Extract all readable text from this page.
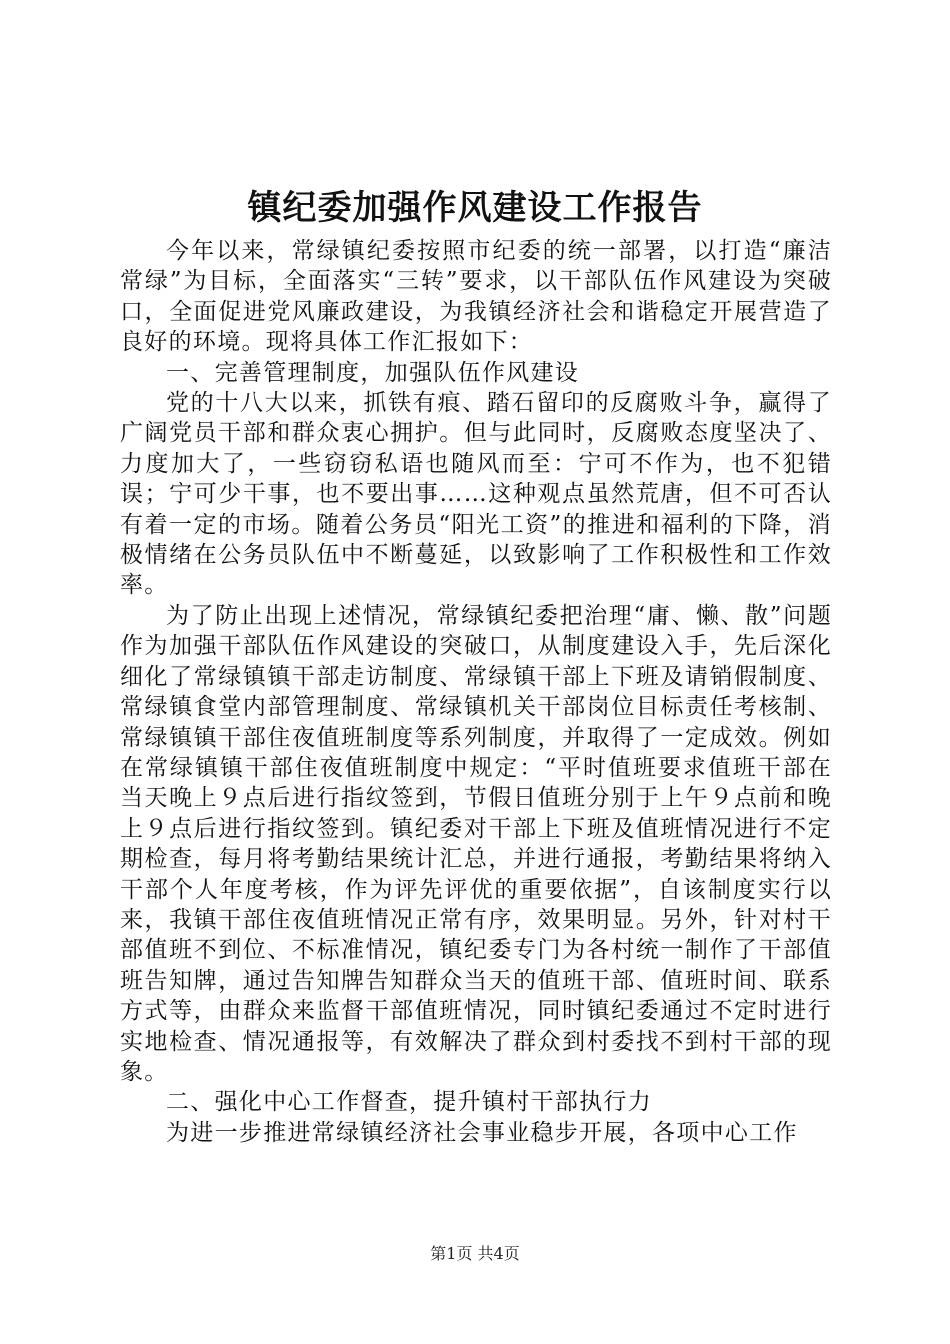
镇纪委加强作风建设工作报告

今年以来，常绿镇纪委按照市纪委的统一部署，以打造“廉洁常绿”为目标，全面落实“三转”要求，以干部队伍作风建设为突破口，全面促进党风廉政建设，为我镇经济社会和谐稳定开展营造了良好的环境。现将具体工作汇报如下：

一、完善管理制度，加强队伍作风建设

党的十八大以来，抓铁有痕、踏石留印的反腐败斗争，赢得了广阔党员干部和群众衷心拥护。但与此同时，反腐败态度坚决了、力度加大了，一些窃窃私语也随风而至：宁可不作为，也不犯错误；宁可少干事，也不要出事……这种观点虽然荒唐，但不可否认有着一定的市场。随着公务员“阳光工资”的推进和福利的下降，消极情绪在公务员队伍中不断蔓延，以致影响了工作积极性和工作效率。

为了防止出现上述情况，常绿镇纪委把治理“庸、懒、散”问题作为加强干部队伍作风建设的突破口，从制度建设入手，先后深化细化了常绿镇镇干部走访制度、常绿镇干部上下班及请销假制度、常绿镇食堂内部管理制度、常绿镇机关干部岗位目标责任考核制、常绿镇镇干部住夜值班制度等系列制度，并取得了一定成效。例如在常绿镇镇干部住夜值班制度中规定：“平时值班要求值班干部在当天晚上９点后进行指纹签到，节假日值班分别于上午９点前和晚上９点后进行指纹签到。镇纪委对干部上下班及值班情况进行不定期检查，每月将考勤结果统计汇总，并进行通报，考勤结果将纳入干部个人年度考核，作为评先评优的重要依据”，自该制度实行以来，我镇干部住夜值班情况正常有序，效果明显。另外，针对村干部值班不到位、不标准情况，镇纪委专门为各村统一制作了干部值班告知牌，通过告知牌告知群众当天的值班干部、值班时间、联系方式等，由群众来监督干部值班情况，同时镇纪委通过不定时进行实地检查、情况通报等，有效解决了群众到村委找不到村干部的现象。

二、强化中心工作督查，提升镇村干部执行力

为进一步推进常绿镇经济社会事业稳步开展，各项中心工作

第1页 共4页
